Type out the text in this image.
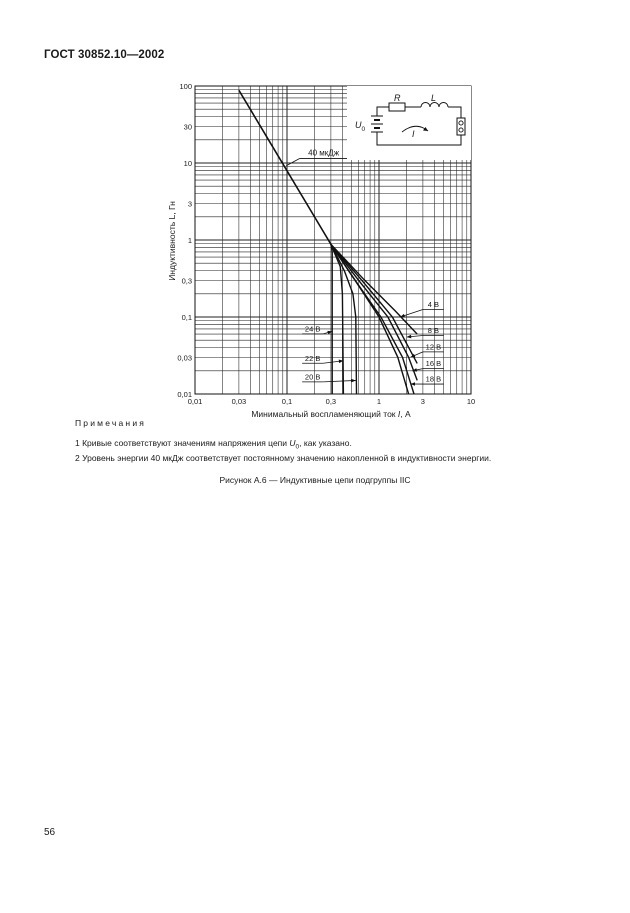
ГОСТ 30852.10—2002
0,01	0,03	0,1	0,3	1	3	10
0,01
0,03
0,1
0,3
1
3
10
30
100
40 мкДж
4 В
8 В
12 В
16 В
18 В
24 В
22 В
20 В
Индуктивность L, Гн
Минимальный воспламеняющий ток I, А
R	L
$U_0$	I
Примечания
1 Кривые соответствуют значениям напряжения цепи $U_0$, как указано.
2 Уровень энергии 40 мкДж соответствует постоянному значению накопленной в индуктивности энергии.
Рисунок А.6 — Индуктивные цепи подгруппы IIС
56
